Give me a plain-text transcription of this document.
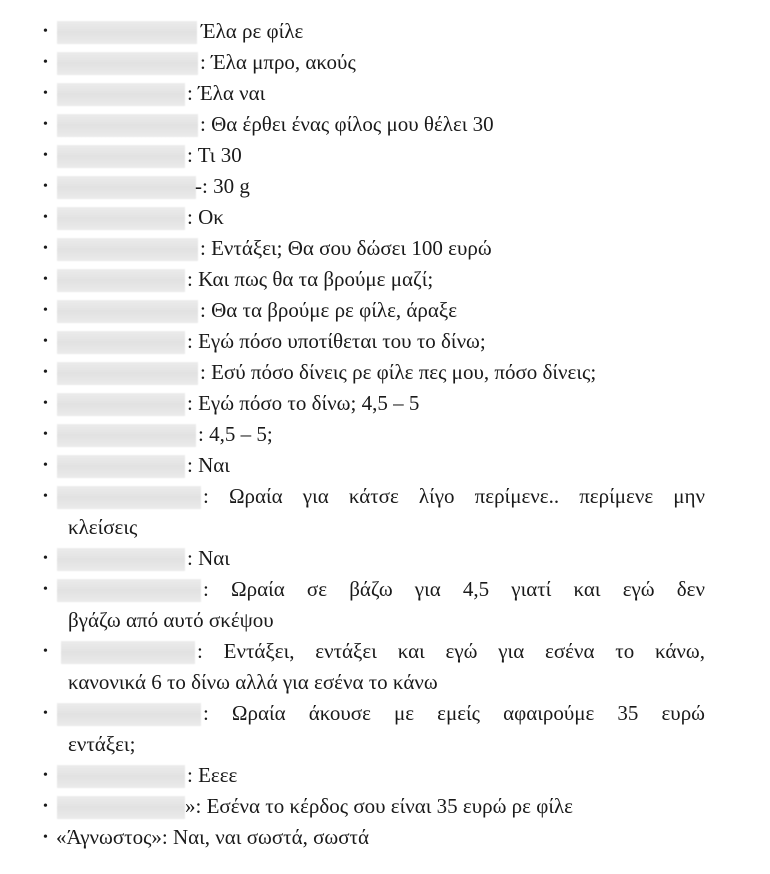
•	Έλα ρε φίλε
•	: Έλα μπρο, ακούς
•	: Έλα ναι
•	: Θα έρθει ένας φίλος μου θέλει 30
•	: Τι 30
•	-: 30 g
•	: Οκ
•	: Εντάξει; Θα σου δώσει 100 ευρώ
•	: Και πως θα τα βρούμε μαζί;
•	: Θα τα βρούμε ρε φίλε, άραξε
•	: Εγώ πόσο υποτίθεται του το δίνω;
•	: Εσύ πόσο δίνεις ρε φίλε πες μου, πόσο δίνεις;
•	: Εγώ πόσο το δίνω; 4,5 – 5
•	: 4,5 – 5;
•	: Ναι
•	: Ωραία για κάτσε λίγο περίμενε.. περίμενε μην
κλείσεις
•	: Ναι
•	: Ωραία σε βάζω για 4,5 γιατί και εγώ δεν
βγάζω από αυτό σκέψου
•	: Εντάξει, εντάξει και εγώ για εσένα το κάνω,
κανονικά 6 το δίνω αλλά για εσένα το κάνω
•	: Ωραία άκουσε με εμείς αφαιρούμε 35 ευρώ
εντάξει;
•	: Εεεε
•	»: Εσένα το κέρδος σου είναι 35 ευρώ ρε φίλε
• «Άγνωστος»: Ναι, ναι σωστά, σωστά
